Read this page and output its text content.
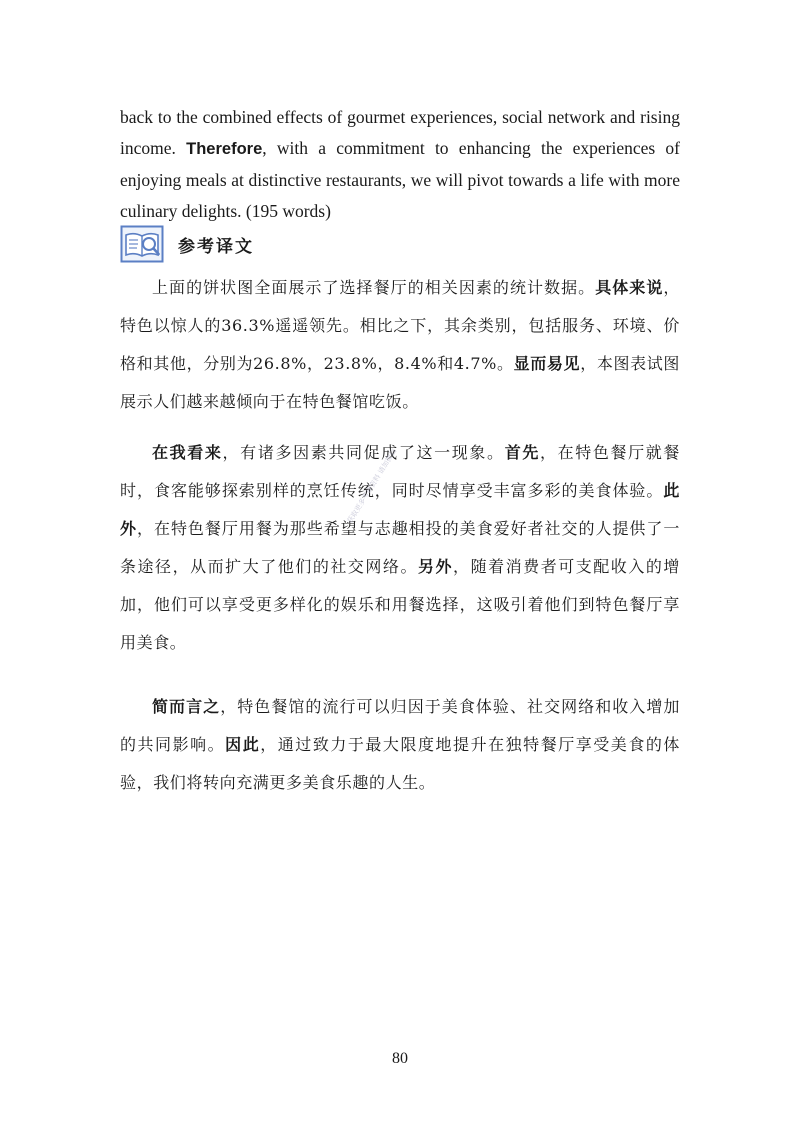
back to the combined effects of gourmet experiences, social network and rising income. Therefore, with a commitment to enhancing the experiences of enjoying meals at distinctive restaurants, we will pivot towards a life with more culinary delights. (195 words)
参考译文

上面的饼状图全面展示了选择餐厅的相关因素的统计数据。具体来说，特色以惊人的36.3%遥遥领先。相比之下，其余类别，包括服务、环境、价格和其他，分别为26.8%，23.8%，8.4%和4.7%。显而易见，本图表试图展示人们越来越倾向于在特色餐馆吃饭。

在我看来，有诸多因素共同促成了这一现象。首先，在特色餐厅就餐时，食客能够探索别样的烹饪传统，同时尽情享受丰富多彩的美食体验。此外，在特色餐厅用餐为那些希望与志趣相投的美食爱好者社交的人提供了一条途径，从而扩大了他们的社交网络。另外，随着消费者可支配收入的增加，他们可以享受更多样化的娱乐和用餐选择，这吸引着他们到特色餐厅享用美食。

简而言之，特色餐馆的流行可以归因于美食体验、社交网络和收入增加的共同影响。因此，通过致力于最大限度地提升在独特餐厅享受美食的体验，我们将转向充满更多美食乐趣的人生。

获取更多考研资料 请加微信
80
